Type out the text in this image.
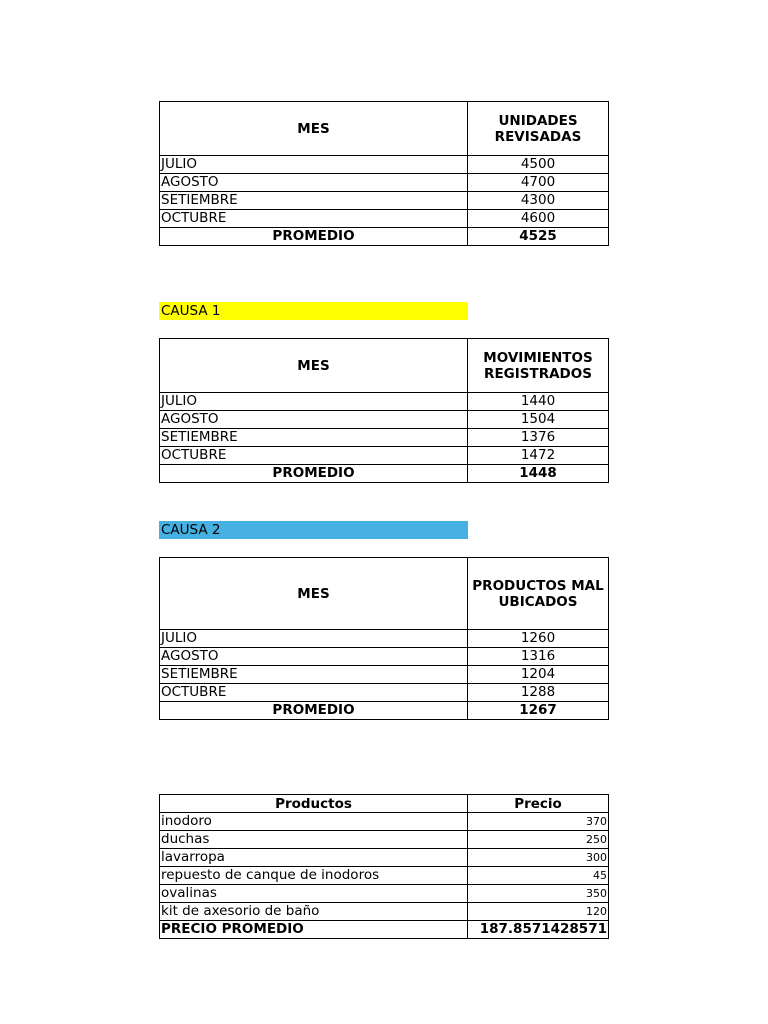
MES	UNIDADES REVISADAS
JULIO	4500
AGOSTO	4700
SETIEMBRE	4300
OCTUBRE	4600
PROMEDIO	4525
CAUSA 1
MES	MOVIMIENTOS REGISTRADOS
JULIO	1440
AGOSTO	1504
SETIEMBRE	1376
OCTUBRE	1472
PROMEDIO	1448
CAUSA 2
MES	PRODUCTOS MAL UBICADOS
JULIO	1260
AGOSTO	1316
SETIEMBRE	1204
OCTUBRE	1288
PROMEDIO	1267
Productos	Precio
inodoro	370
duchas	250
lavarropa	300
repuesto de canque de inodoros	45
ovalinas	350
kit de axesorio de baño	120
PRECIO PROMEDIO	187.8571428571
